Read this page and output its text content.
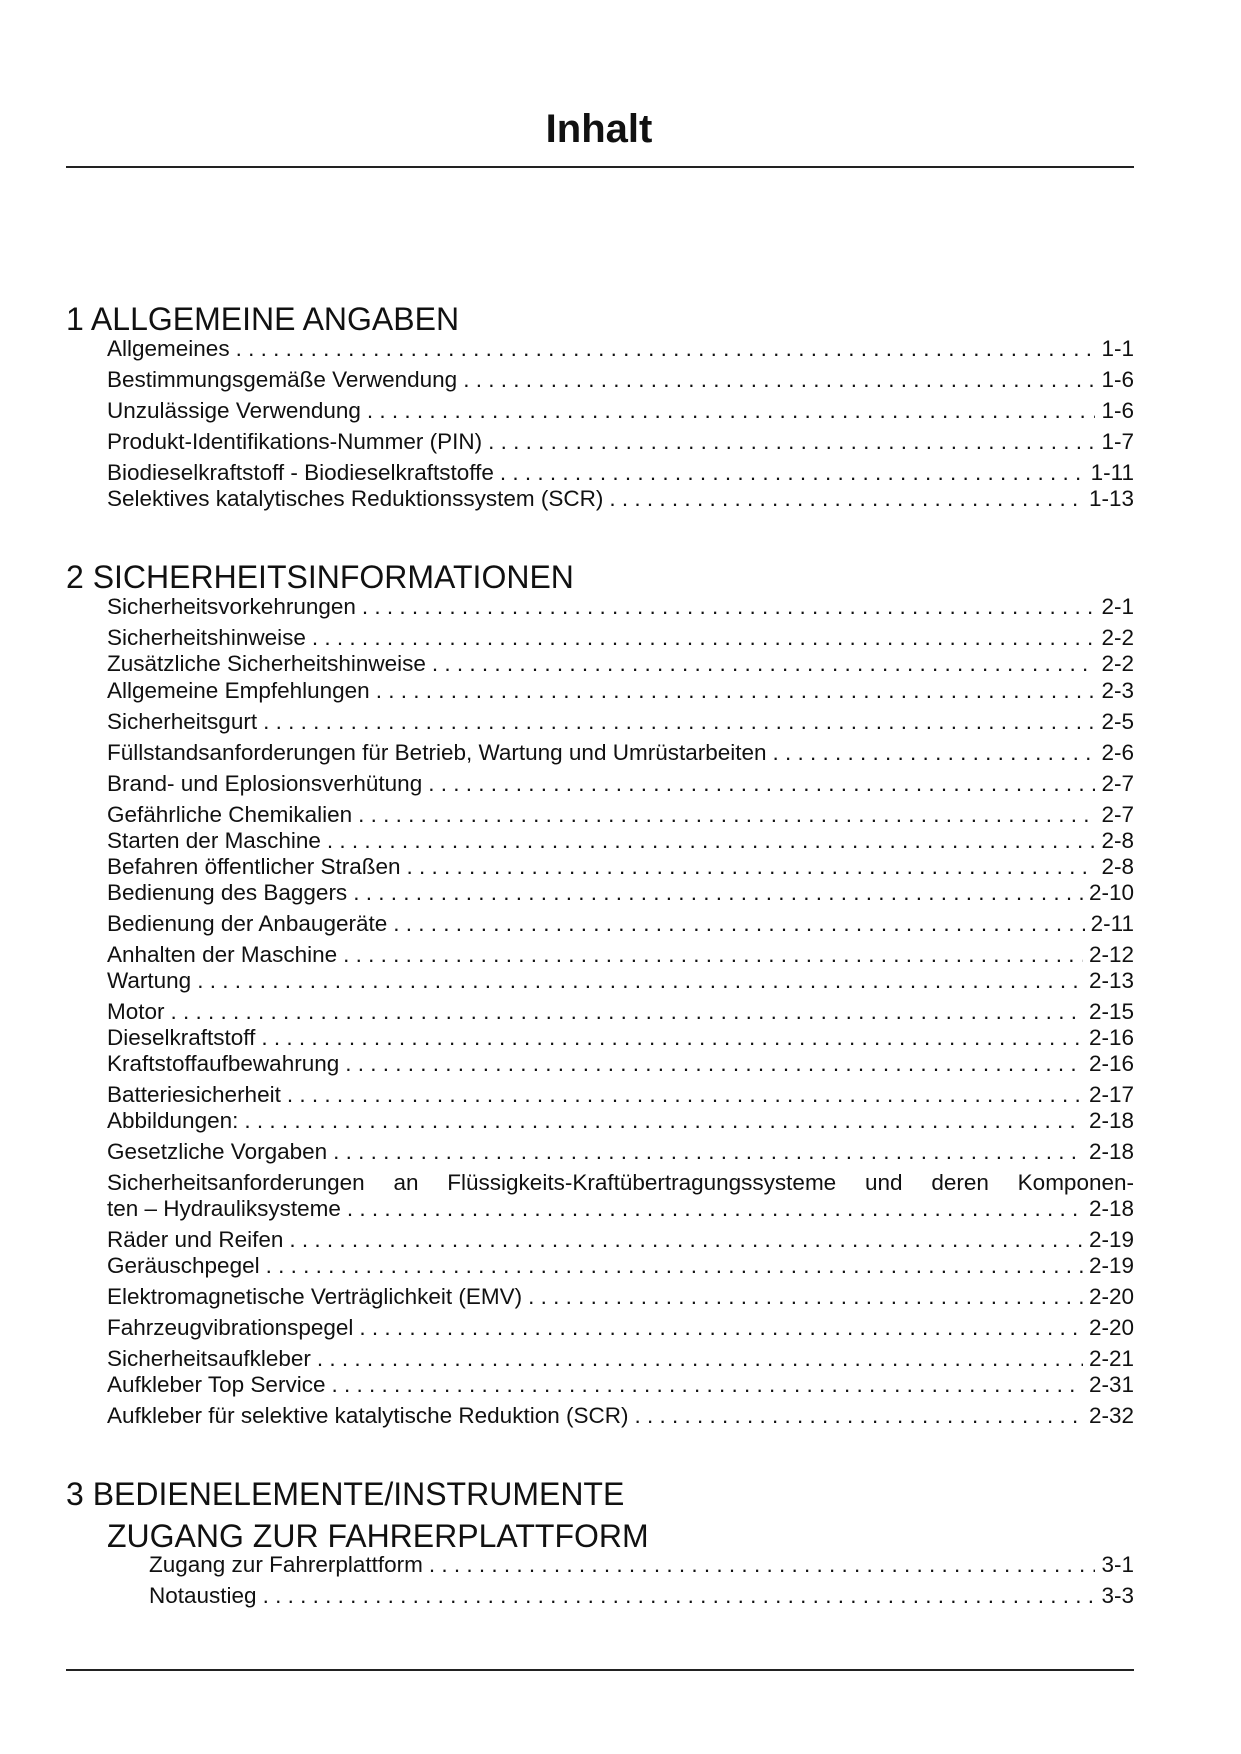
Inhalt
1 ALLGEMEINE ANGABEN
Allgemeines . . .	1-1
Bestimmungsgemäße Verwendung . . .	1-6
Unzulässige Verwendung . . .	1-6
Produkt-Identifikations-Nummer (PIN) . . .	1-7
Biodieselkraftstoff - Biodieselkraftstoffe . . .	1-11
Selektives katalytisches Reduktionssystem (SCR) . . .	1-13
2 SICHERHEITSINFORMATIONEN
Sicherheitsvorkehrungen . . .	2-1
Sicherheitshinweise . . .	2-2
Zusätzliche Sicherheitshinweise . . .	2-2
Allgemeine Empfehlungen . . .	2-3
Sicherheitsgurt . . .	2-5
Füllstandsanforderungen für Betrieb, Wartung und Umrüstarbeiten . . .	2-6
Brand- und Eplosionsverhütung . . .	2-7
Gefährliche Chemikalien . . .	2-7
Starten der Maschine . . .	2-8
Befahren öffentlicher Straßen . . .	2-8
Bedienung des Baggers . . .	2-10
Bedienung der Anbaugeräte . . .	2-11
Anhalten der Maschine . . .	2-12
Wartung . . .	2-13
Motor . . .	2-15
Dieselkraftstoff . . .	2-16
Kraftstoffaufbewahrung . . .	2-16
Batteriesicherheit . . .	2-17
Abbildungen: . . .	2-18
Gesetzliche Vorgaben . . .	2-18
Sicherheitsanforderungen an Flüssigkeits-Kraftübertragungssysteme und deren Komponen-
ten – Hydrauliksysteme . . .	2-18
Räder und Reifen . . .	2-19
Geräuschpegel . . .	2-19
Elektromagnetische Verträglichkeit (EMV) . . .	2-20
Fahrzeugvibrationspegel . . .	2-20
Sicherheitsaufkleber . . .	2-21
Aufkleber Top Service . . .	2-31
Aufkleber für selektive katalytische Reduktion (SCR) . . .	2-32
3 BEDIENELEMENTE/INSTRUMENTE
ZUGANG ZUR FAHRERPLATTFORM
Zugang zur Fahrerplattform . . .	3-1
Notaustieg . . .	3-3
